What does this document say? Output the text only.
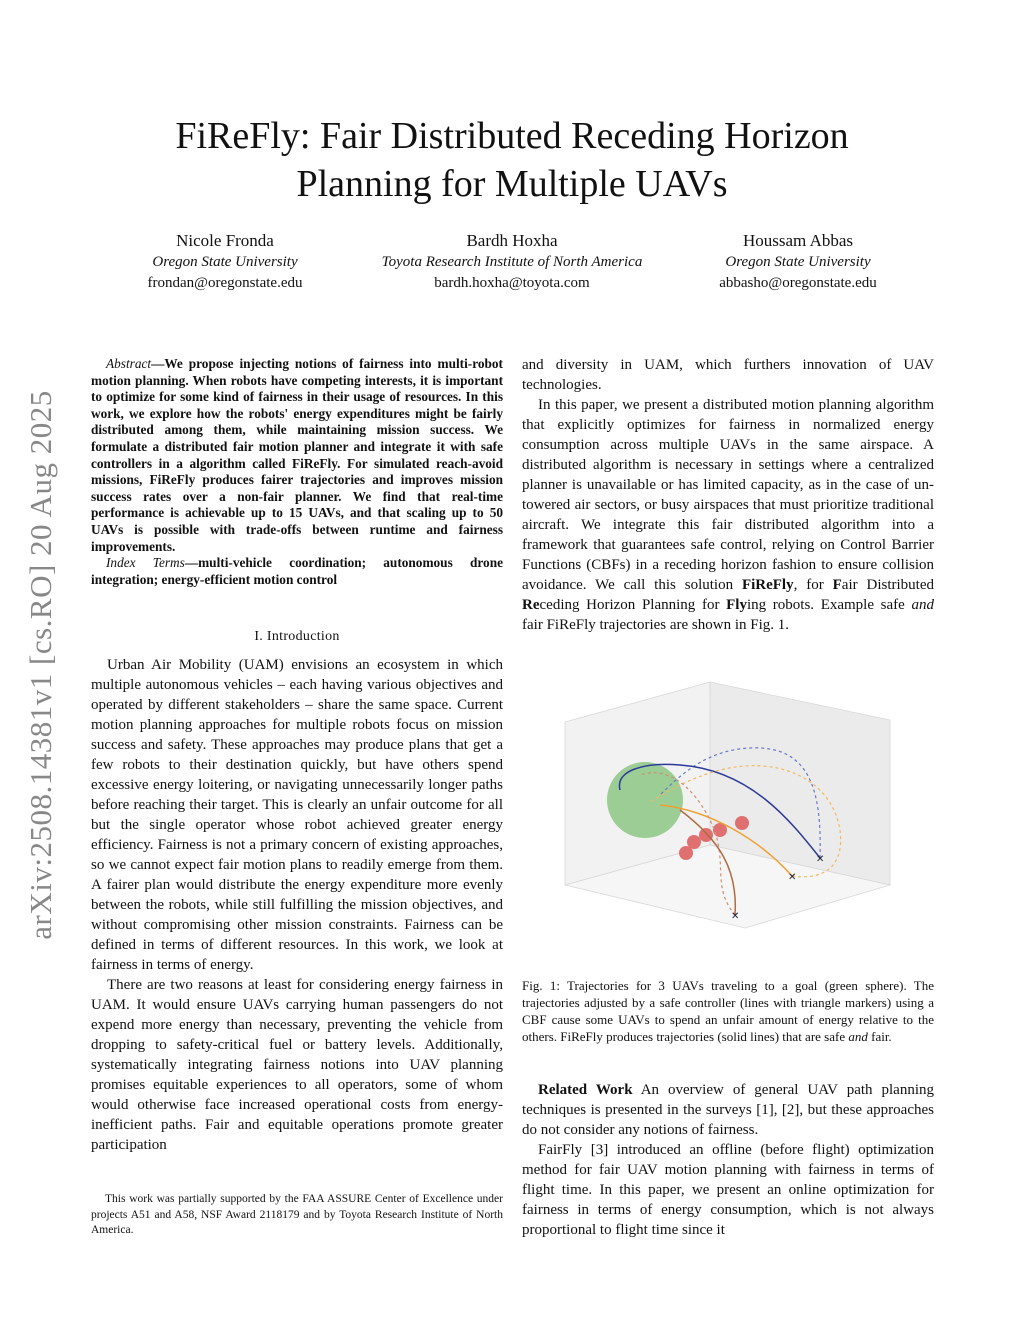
arXiv:2508.14381v1 [cs.RO] 20 Aug 2025
FiReFly: Fair Distributed Receding Horizon
Planning for Multiple UAVs
Nicole Fronda
Oregon State University
frondan@oregonstate.edu
Bardh Hoxha
Toyota Research Institute of North America
bardh.hoxha@toyota.com
Houssam Abbas
Oregon State University
abbasho@oregonstate.edu

Abstract—We propose injecting notions of fairness into multi-robot motion planning. When robots have competing interests, it is important to optimize for some kind of fairness in their usage of resources. In this work, we explore how the robots' energy expenditures might be fairly distributed among them, while maintaining mission success. We formulate a distributed fair motion planner and integrate it with safe controllers in a algorithm called FiReFly. For simulated reach-avoid missions, FiReFly produces fairer trajectories and improves mission success rates over a non-fair planner. We find that real-time performance is achievable up to 15 UAVs, and that scaling up to 50 UAVs is possible with trade-offs between runtime and fairness improvements.

Index Terms—multi-vehicle coordination; autonomous drone integration; energy-efficient motion control

I. Introduction

Urban Air Mobility (UAM) envisions an ecosystem in which multiple autonomous vehicles – each having various objectives and operated by different stakeholders – share the same space. Current motion planning approaches for multiple robots focus on mission success and safety. These approaches may produce plans that get a few robots to their destination quickly, but have others spend excessive energy loitering, or navigating unnecessarily longer paths before reaching their target. This is clearly an unfair outcome for all but the single operator whose robot achieved greater energy efficiency. Fairness is not a primary concern of existing approaches, so we cannot expect fair motion plans to readily emerge from them. A fairer plan would distribute the energy expenditure more evenly between the robots, while still fulfilling the mission objectives, and without compromising other mission constraints. Fairness can be defined in terms of different resources. In this work, we look at fairness in terms of energy.

There are two reasons at least for considering energy fairness in UAM. It would ensure UAVs carrying human passengers do not expend more energy than necessary, preventing the vehicle from dropping to safety-critical fuel or battery levels. Additionally, systematically integrating fairness notions into UAV planning promises equitable experiences to all operators, some of whom would otherwise face increased operational costs from energy-inefficient paths. Fair and equitable operations promote greater participation

This work was partially supported by the FAA ASSURE Center of Excellence under projects A51 and A58, NSF Award 2118179 and by Toyota Research Institute of North America.

and diversity in UAM, which furthers innovation of UAV technologies.

In this paper, we present a distributed motion planning algorithm that explicitly optimizes for fairness in normalized energy consumption across multiple UAVs in the same airspace. A distributed algorithm is necessary in settings where a centralized planner is unavailable or has limited capacity, as in the case of un-towered air sectors, or busy airspaces that must prioritize traditional aircraft. We integrate this fair distributed algorithm into a framework that guarantees safe control, relying on Control Barrier Functions (CBFs) in a receding horizon fashion to ensure collision avoidance. We call this solution FiReFly, for Fair Distributed Receding Horizon Planning for Flying robots. Example safe and fair FiReFly trajectories are shown in Fig. 1.

✕
✕
✕
Fig. 1: Trajectories for 3 UAVs traveling to a goal (green sphere). The trajectories adjusted by a safe controller (lines with triangle markers) using a CBF cause some UAVs to spend an unfair amount of energy relative to the others. FiReFly produces trajectories (solid lines) that are safe and fair.

Related Work An overview of general UAV path planning techniques is presented in the surveys [1], [2], but these approaches do not consider any notions of fairness.

FairFly [3] introduced an offline (before flight) optimization method for fair UAV motion planning with fairness in terms of flight time. In this paper, we present an online optimization for fairness in terms of energy consumption, which is not always proportional to flight time since it
